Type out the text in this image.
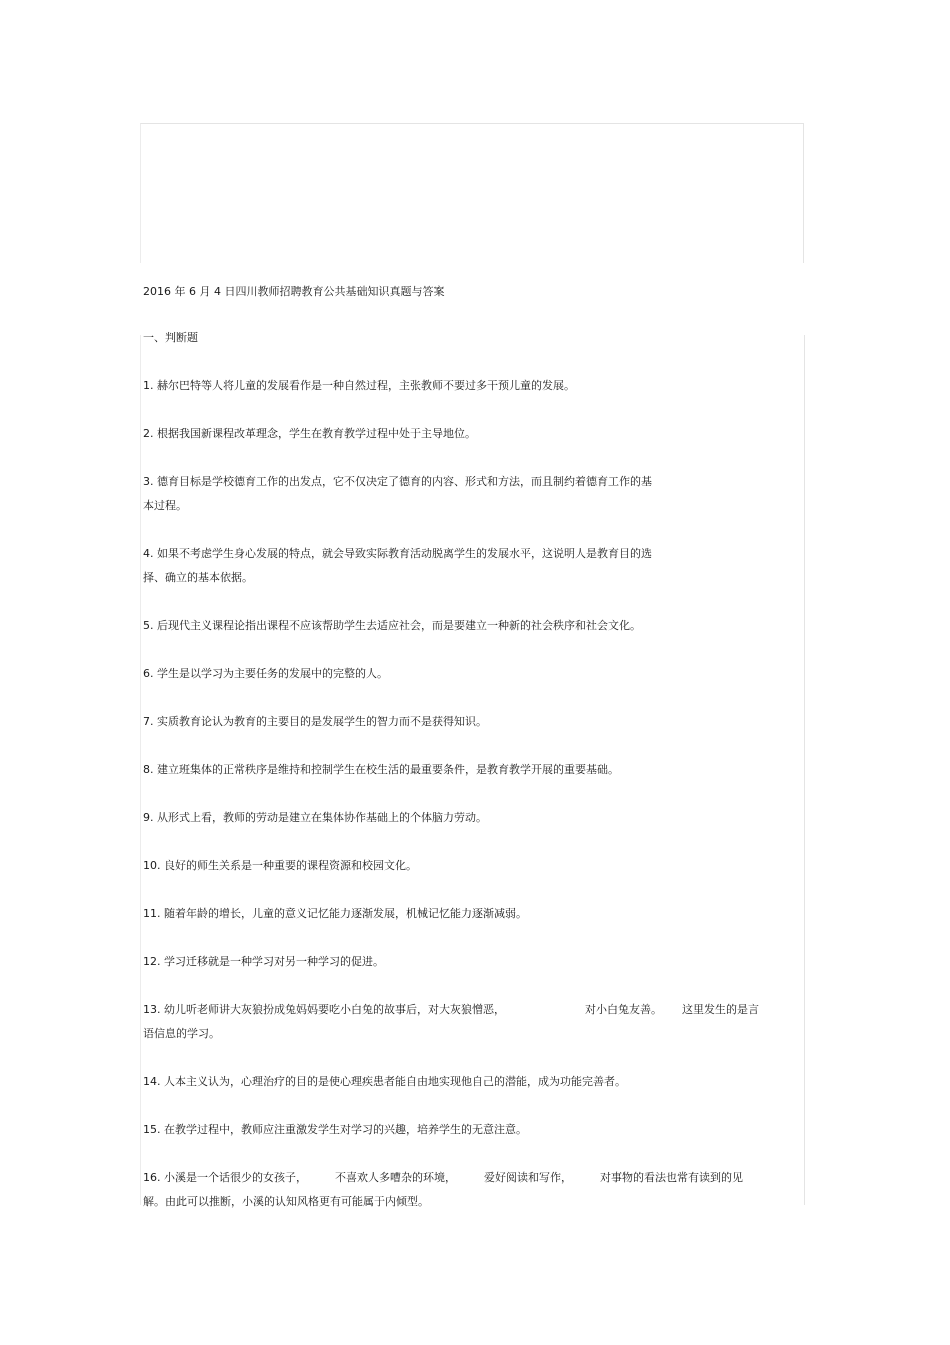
2016 年 6 月 4 日四川教师招聘教育公共基础知识真题与答案
一、判断题
1. 赫尔巴特等人将儿童的发展看作是一种自然过程，主张教师不要过多干预儿童的发展。
2. 根据我国新课程改革理念，学生在教育教学过程中处于主导地位。
3. 德育目标是学校德育工作的出发点，它不仅决定了德育的内容、形式和方法，而且制约着德育工作的基
本过程。
4. 如果不考虑学生身心发展的特点，就会导致实际教育活动脱离学生的发展水平，这说明人是教育目的选
择、确立的基本依据。
5. 后现代主义课程论指出课程不应该帮助学生去适应社会，而是要建立一种新的社会秩序和社会文化。
6. 学生是以学习为主要任务的发展中的完整的人。
7. 实质教育论认为教育的主要目的是发展学生的智力而不是获得知识。
8. 建立班集体的正常秩序是维持和控制学生在校生活的最重要条件，是教育教学开展的重要基础。
9. 从形式上看，教师的劳动是建立在集体协作基础上的个体脑力劳动。
10. 良好的师生关系是一种重要的课程资源和校园文化。
11. 随着年龄的增长，儿童的意义记忆能力逐渐发展，机械记忆能力逐渐减弱。
12. 学习迁移就是一种学习对另一种学习的促进。
13. 幼儿听老师讲大灰狼扮成兔妈妈要吃小白兔的故事后，对大灰狼憎恶，	对小白兔友善。 这里发生的是言
语信息的学习。
14. 人本主义认为，心理治疗的目的是使心理疾患者能自由地实现他自己的潜能，成为功能完善者。
15. 在教学过程中，教师应注重激发学生对学习的兴趣，培养学生的无意注意。
16. 小溪是一个话很少的女孩子，	不喜欢人多嘈杂的环境，	爱好阅读和写作，	对事物的看法也常有读到的见
解。由此可以推断，小溪的认知风格更有可能属于内倾型。
